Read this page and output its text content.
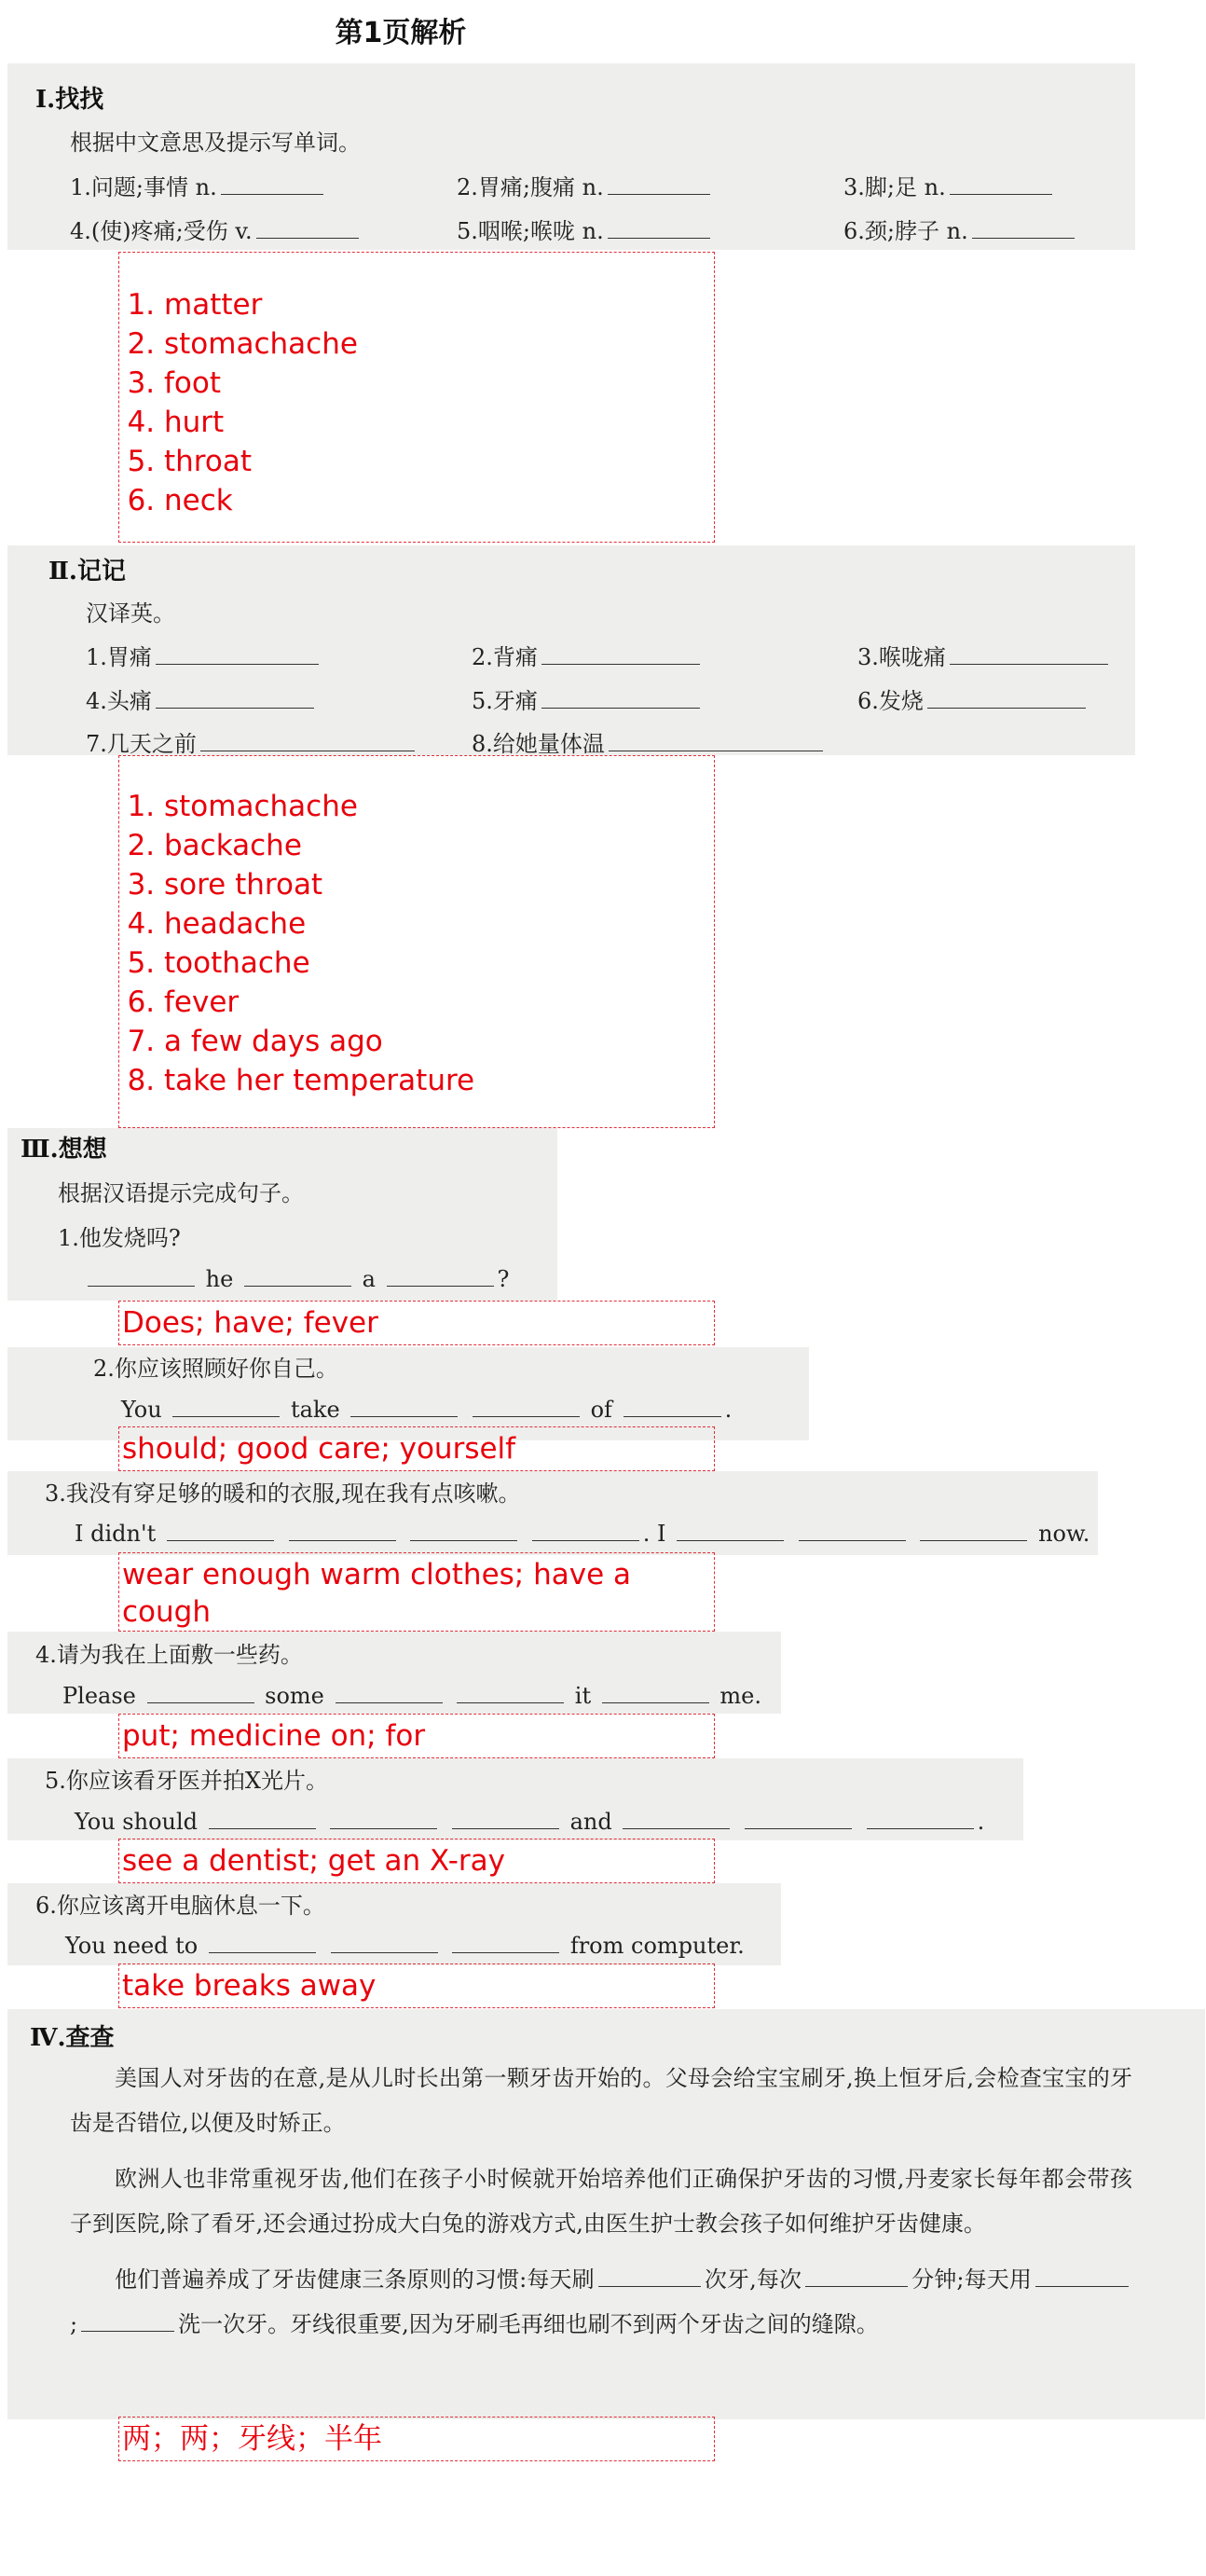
第1页解析
Ⅰ.找找
根据中文意思及提示写单词。
1.问题;事情 n.	2.胃痛;腹痛 n.	3.脚;足 n.
4.(使)疼痛;受伤 v.	5.咽喉;喉咙 n.	6.颈;脖子 n.
1. matter
2. stomachache
3. foot
4. hurt
5. throat
6. neck
Ⅱ.记记
汉译英。
1.胃痛	2.背痛	3.喉咙痛
4.头痛	5.牙痛	6.发烧
7.几天之前	8.给她量体温
1. stomachache
2. backache
3. sore throat
4. headache
5. toothache
6. fever
7. a few days ago
8. take her temperature
Ⅲ.想想
根据汉语提示完成句子。
1.他发烧吗?
he	a	?
Does; have; fever
2.你应该照顾好你自己。
You	take	of	.
should; good care; yourself
3.我没有穿足够的暖和的衣服,现在我有点咳嗽。
I didn't	. I	now.
wear enough warm clothes; have a cough
4.请为我在上面敷一些药。
Please	some	it	me.
put; medicine on; for
5.你应该看牙医并拍X光片。
You should	and	.
see a dentist; get an X-ray
6.你应该离开电脑休息一下。
You need to	from computer.
take breaks away
Ⅳ.查查

美国人对牙齿的在意,是从儿时长出第一颗牙齿开始的。父母会给宝宝刷牙,换上恒牙后,会检查宝宝的牙齿是否错位,以便及时矫正。

欧洲人也非常重视牙齿,他们在孩子小时候就开始培养他们正确保护牙齿的习惯,丹麦家长每年都会带孩子到医院,除了看牙,还会通过扮成大白兔的游戏方式,由医生护士教会孩子如何维护牙齿健康。

他们普遍养成了牙齿健康三条原则的习惯:每天刷	次牙,每次	分钟;每天用;	洗一次牙。牙线很重要,因为牙刷毛再细也刷不到两个牙齿之间的缝隙。

两；两；牙线；半年
